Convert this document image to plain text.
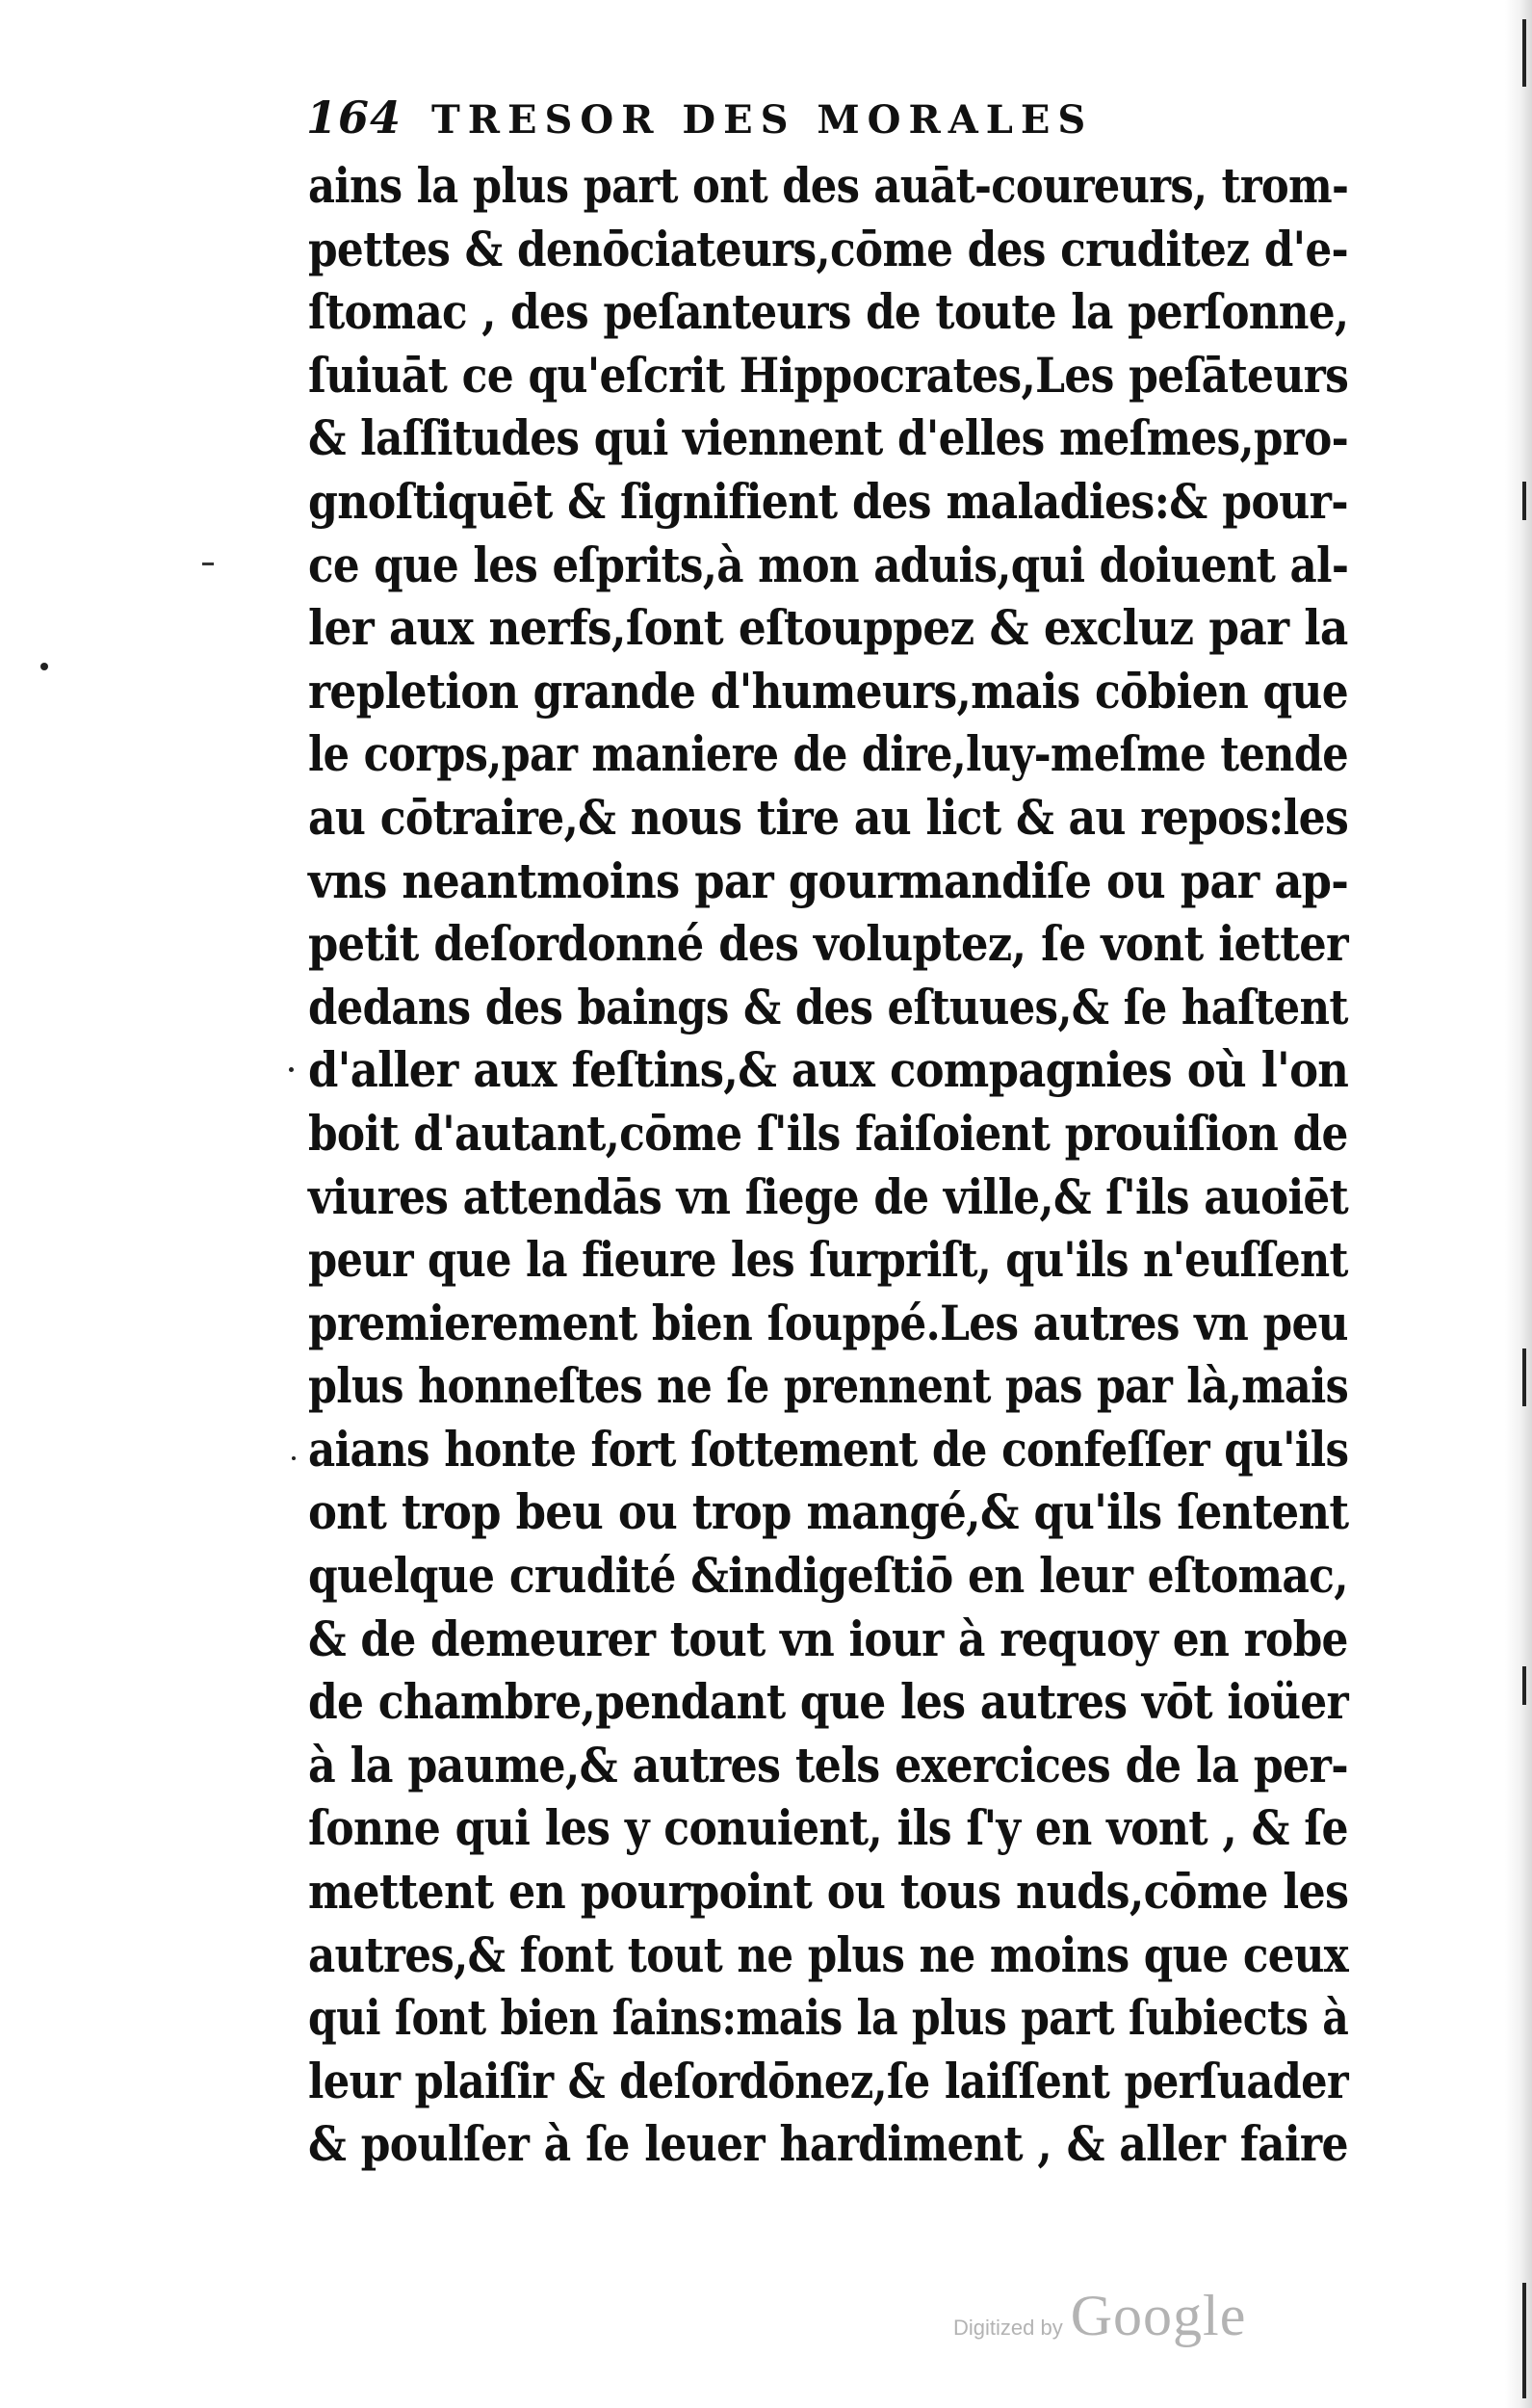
164 TRESOR DES MORALES
ains la plus part ont des auāt-coureurs, trom-
pettes & denōciateurs,cōme des cruditez d'e-
ſtomac , des peſanteurs de toute la perſonne,
ſuiuāt ce qu'eſcrit Hippocrates,Les peſāteurs
& laſſitudes qui viennent d'elles meſmes,pro-
gnoſtiquēt & ſignifient des maladies:& pour-
ce que les eſprits,à mon aduis,qui doiuent al-
ler aux nerfs,ſont eſtouppez & excluz par la
repletion grande d'humeurs,mais cōbien que
le corps,par maniere de dire,luy-meſme tende
au cōtraire,& nous tire au lict & au repos:les
vns neantmoins par gourmandiſe ou par ap-
petit deſordonné des voluptez, ſe vont ietter
dedans des baings & des eſtuues,& ſe haſtent
d'aller aux feſtins,& aux compagnies où l'on
boit d'autant,cōme ſ'ils faiſoient prouiſion de
viures attendās vn ſiege de ville,& ſ'ils auoiēt
peur que la fieure les ſurpriſt, qu'ils n'euſſent
premierement bien ſouppé.Les autres vn peu
plus honneſtes ne ſe prennent pas par là,mais
aians honte fort ſottement de confeſſer qu'ils
ont trop beu ou trop mangé,& qu'ils ſentent
quelque crudité &indigeſtiō en leur eſtomac,
& de demeurer tout vn iour à requoy en robe
de chambre,pendant que les autres vōt ioüer
à la paume,& autres tels exercices de la per-
ſonne qui les y conuient, ils ſ'y en vont , & ſe
mettent en pourpoint ou tous nuds,cōme les
autres,& font tout ne plus ne moins que ceux
qui ſont bien ſains:mais la plus part ſubiects à
leur plaiſir & deſordōnez,ſe laiſſent perſuader
& poulſer à ſe leuer hardiment , & aller faire
Digitized by Google
